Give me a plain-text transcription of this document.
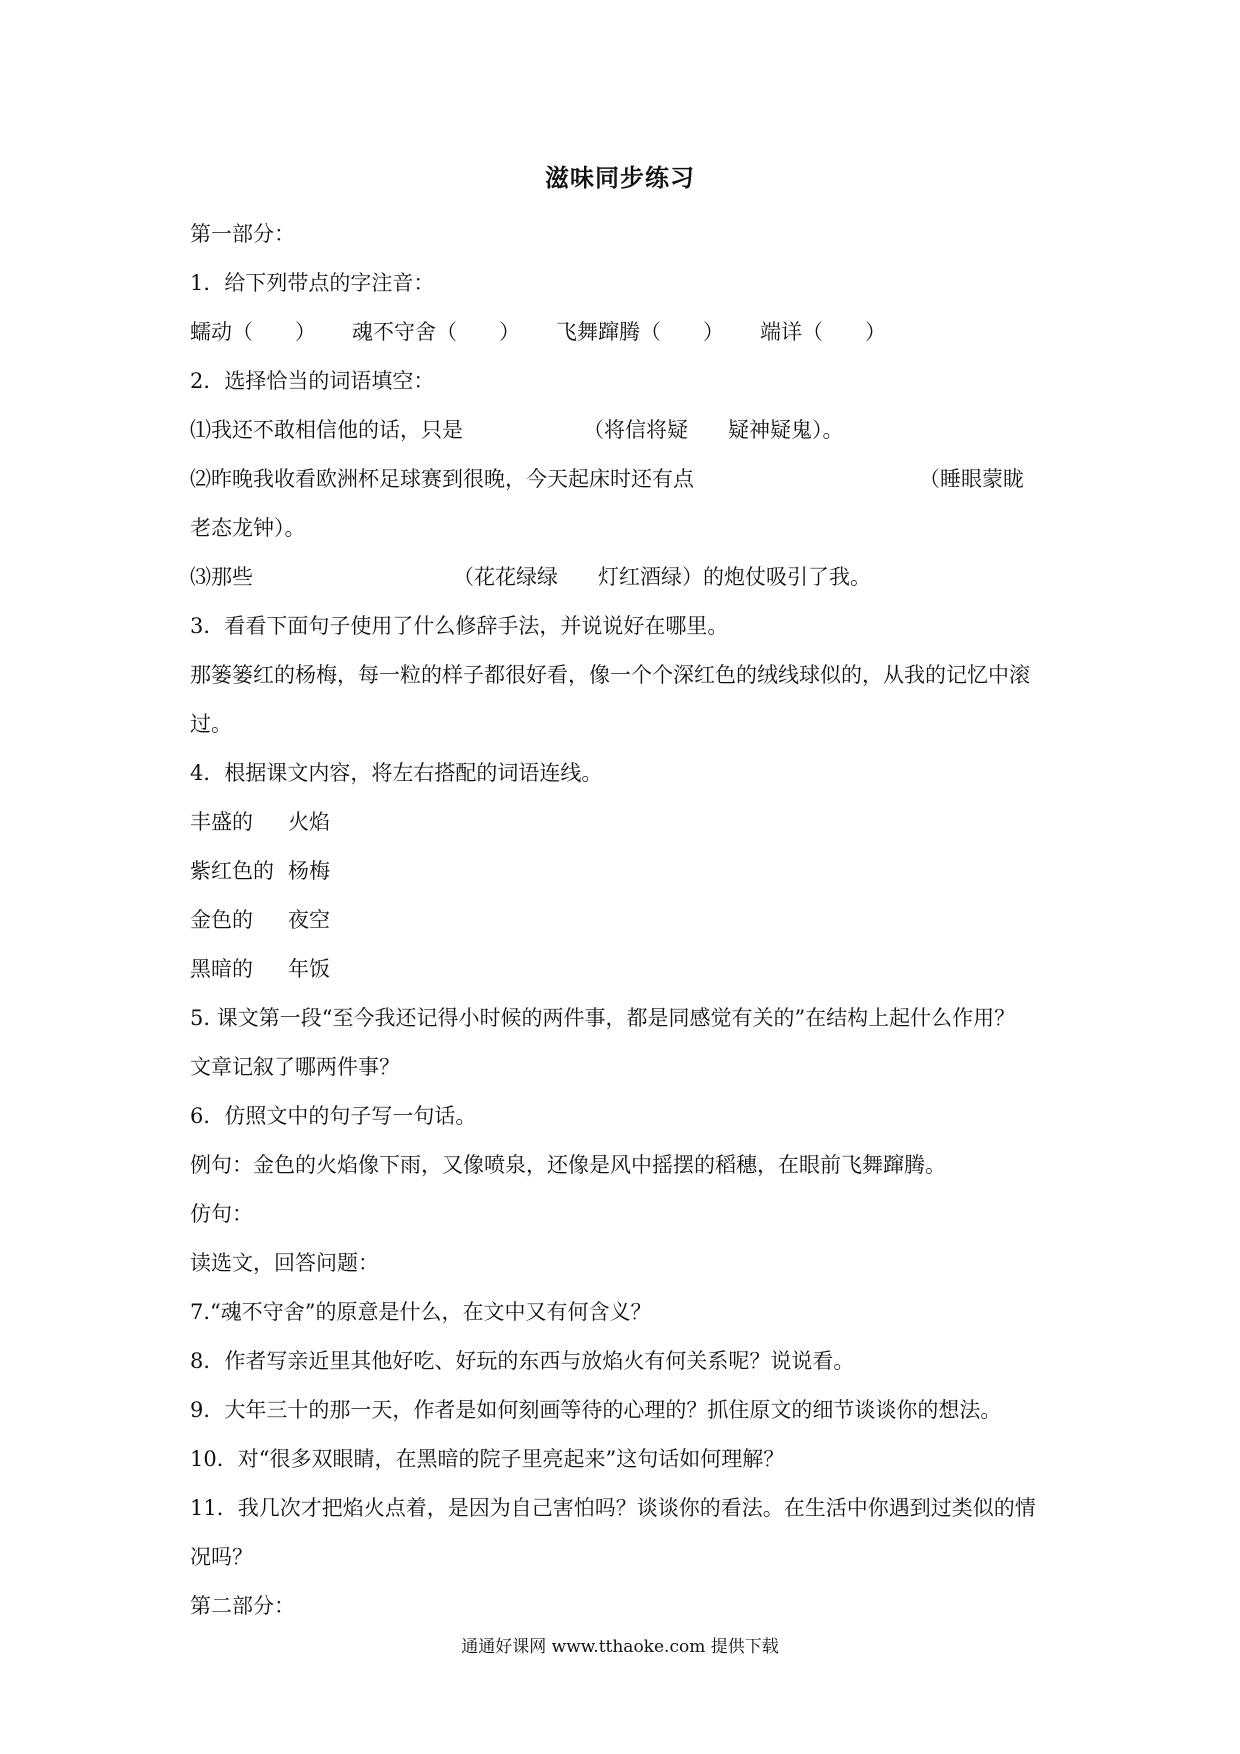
滋味同步练习
第一部分：
1．给下列带点的字注音：
蠕动（　　） 魂不守舍（　　） 飞舞蹿腾（　　） 端详（　　）
2．选择恰当的词语填空：
⑴我还不敢相信他的话，只是	（将信将疑 疑神疑鬼）。
⑵昨晚我收看欧洲杯足球赛到很晚，今天起床时还有点	（睡眼蒙眬
老态龙钟）。
⑶那些	（花花绿绿 灯红酒绿）的炮仗吸引了我。
3．看看下面句子使用了什么修辞手法，并说说好在哪里。
那篓篓红的杨梅，每一粒的样子都很好看，像一个个深红色的绒线球似的，从我的记忆中滚
过。
4．根据课文内容，将左右搭配的词语连线。
丰盛的 火焰
紫红色的 杨梅
金色的 夜空
黑暗的 年饭
5. 课文第一段“至今我还记得小时候的两件事，都是同感觉有关的”在结构上起什么作用？
文章记叙了哪两件事？
6．仿照文中的句子写一句话。
例句：金色的火焰像下雨，又像喷泉，还像是风中摇摆的稻穗，在眼前飞舞蹿腾。
仿句：
读选文，回答问题：
7.“魂不守舍”的原意是什么，在文中又有何含义？
8．作者写亲近里其他好吃、好玩的东西与放焰火有何关系呢？说说看。
9．大年三十的那一天，作者是如何刻画等待的心理的？抓住原文的细节谈谈你的想法。
10．对“很多双眼睛，在黑暗的院子里亮起来”这句话如何理解？
11．我几次才把焰火点着，是因为自己害怕吗？谈谈你的看法。在生活中你遇到过类似的情
况吗？
第二部分：
通通好课网 www.tthaoke.com 提供下载
